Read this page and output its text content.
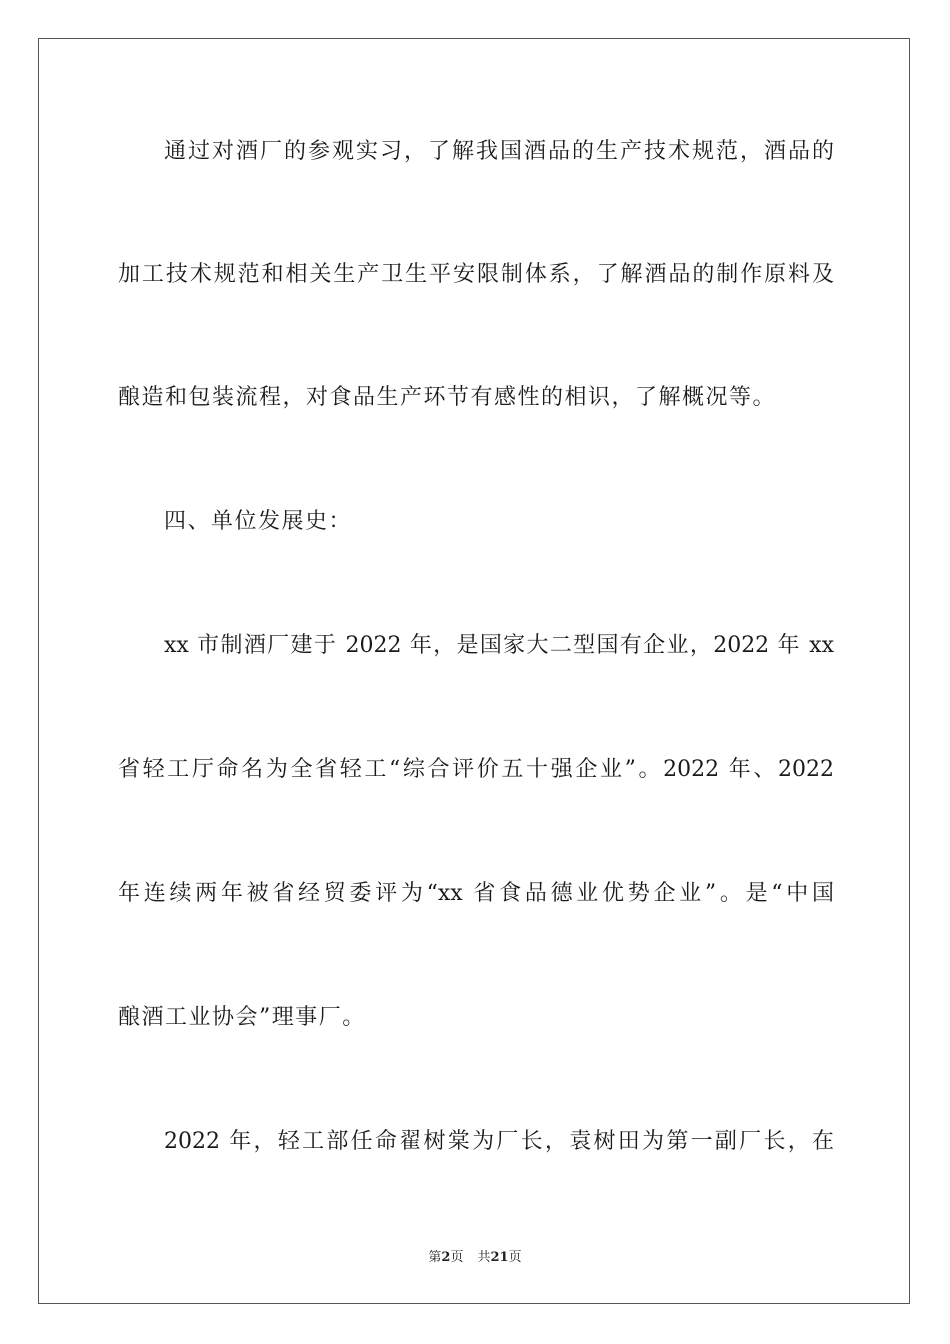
通过对酒厂的参观实习，了解我国酒品的生产技术规范，酒品的
加工技术规范和相关生产卫生平安限制体系，了解酒品的制作原料及
酿造和包装流程，对食品生产环节有感性的相识，了解概况等。
四、单位发展史：
xx 市制酒厂建于 2022 年，是国家大二型国有企业，2022 年 xx
省轻工厅命名为全省轻工“综合评价五十强企业”。2022 年、2022
年连续两年被省经贸委评为“xx 省食品德业优势企业”。是“中国
酿酒工业协会”理事厂。
2022 年，轻工部任命翟树棠为厂长，袁树田为第一副厂长，在
第2页 共21页
